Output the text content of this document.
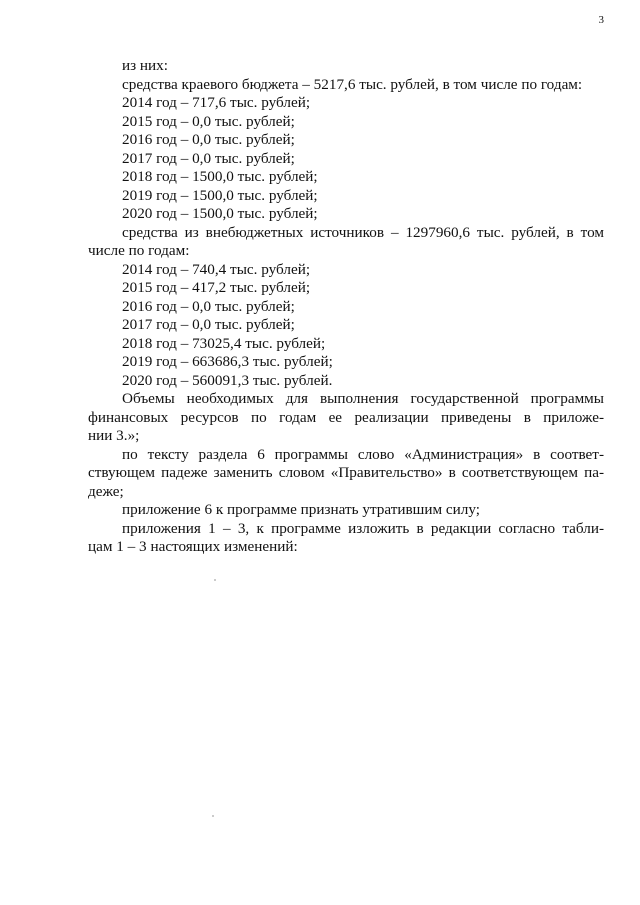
3
из них:
средства краевого бюджета – 5217,6 тыс. рублей, в том числе по годам:
2014 год – 717,6 тыс. рублей;
2015 год – 0,0 тыс. рублей;
2016 год – 0,0 тыс. рублей;
2017 год – 0,0 тыс. рублей;
2018 год – 1500,0 тыс. рублей;
2019 год – 1500,0 тыс. рублей;
2020 год – 1500,0 тыс. рублей;
средства из внебюджетных источников – 1297960,6 тыс. рублей, в том
числе по годам:
2014 год – 740,4 тыс. рублей;
2015 год – 417,2 тыс. рублей;
2016 год – 0,0 тыс. рублей;
2017 год – 0,0 тыс. рублей;
2018 год – 73025,4 тыс. рублей;
2019 год – 663686,3 тыс. рублей;
2020 год – 560091,3 тыс. рублей.
Объемы необходимых для выполнения государственной программы
финансовых ресурсов по годам ее реализации приведены в приложе-
нии 3.»;
по тексту раздела 6 программы слово «Администрация» в соответ-
ствующем падеже заменить словом «Правительство» в соответствующем па-
деже;
приложение 6 к программе признать утратившим силу;
приложения 1 – 3, к программе изложить в редакции согласно табли-
цам 1 – 3 настоящих изменений:
